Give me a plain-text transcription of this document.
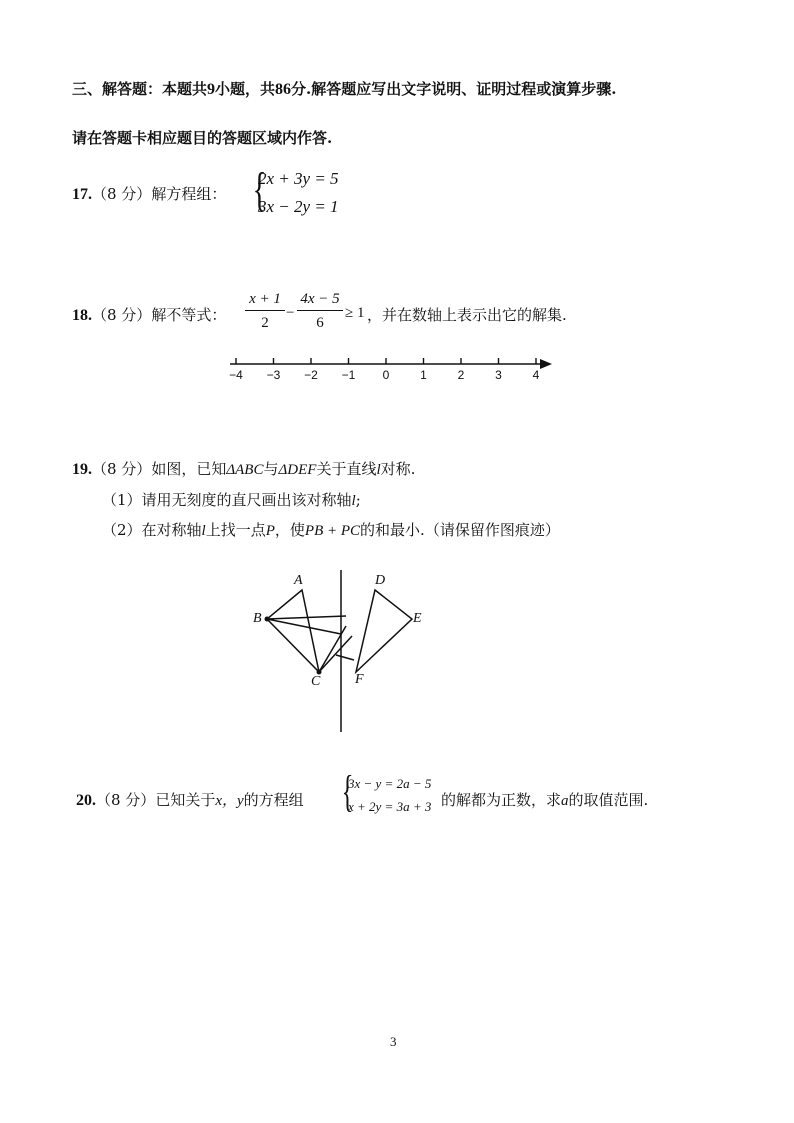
三、解答题：本题共9小题，共86分.解答题应写出文字说明、证明过程或演算步骤.
请在答题卡相应题目的答题区域内作答.
17.（8 分）解方程组： {
2x + 3y = 5
3x − 2y = 1
18.（8 分）解不等式： $\frac{x + 1}{2} - \frac{4x - 5}{6} \ge 1$ ，并在数轴上表示出它的解集.
−4 −3 −2 −1 0	1	2	3	4
19.（8 分）如图，已知ΔABC与ΔDEF关于直线l对称.
（1）请用无刻度的直尺画出该对称轴l;
（2）在对称轴l上找一点P，使PB + PC的和最小.（请保留作图痕迹）
A
B
C
D
E
F
20.（8 分）已知关于x，y的方程组 {
3x − y = 2a − 5
x + 2y = 3a + 3 的解都为正数，求a的取值范围.
3
